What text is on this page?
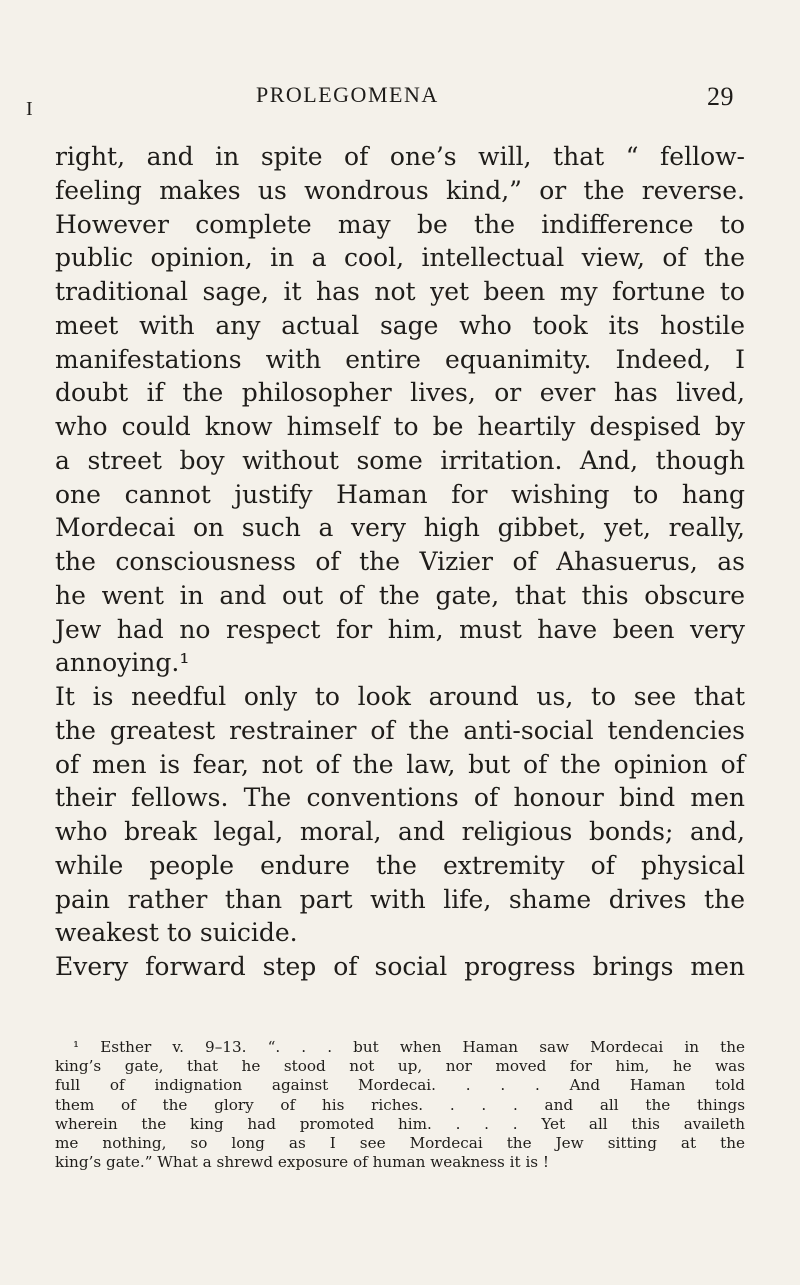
I
PROLEGOMENA	29
right, and in spite of one’s will, that “ fellow-
feeling makes us wondrous kind,” or the reverse.
However complete may be the indifference to
public opinion, in a cool, intellectual view, of the
traditional sage, it has not yet been my fortune to
meet with any actual sage who took its hostile
manifestations with entire equanimity. Indeed, I
doubt if the philosopher lives, or ever has lived,
who could know himself to be heartily despised by
a street boy without some irritation. And, though
one cannot justify Haman for wishing to hang
Mordecai on such a very high gibbet, yet, really,
the consciousness of the Vizier of Ahasuerus, as
he went in and out of the gate, that this obscure
Jew had no respect for him, must have been very
annoying.¹
It is needful only to look around us, to see that
the greatest restrainer of the anti-social tendencies
of men is fear, not of the law, but of the opinion of
their fellows. The conventions of honour bind men
who break legal, moral, and religious bonds; and,
while people endure the extremity of physical
pain rather than part with life, shame drives the
weakest to suicide.
Every forward step of social progress brings men
¹ Esther v. 9–13. “. . . but when Haman saw Mordecai in the
king’s gate, that he stood not up, nor moved for him, he was
full of indignation against Mordecai. . . . And Haman told
them of the glory of his riches. . . . and all the things
wherein the king had promoted him. . . . Yet all this availeth
me nothing, so long as I see Mordecai the Jew sitting at the
king’s gate.” What a shrewd exposure of human weakness it is !
